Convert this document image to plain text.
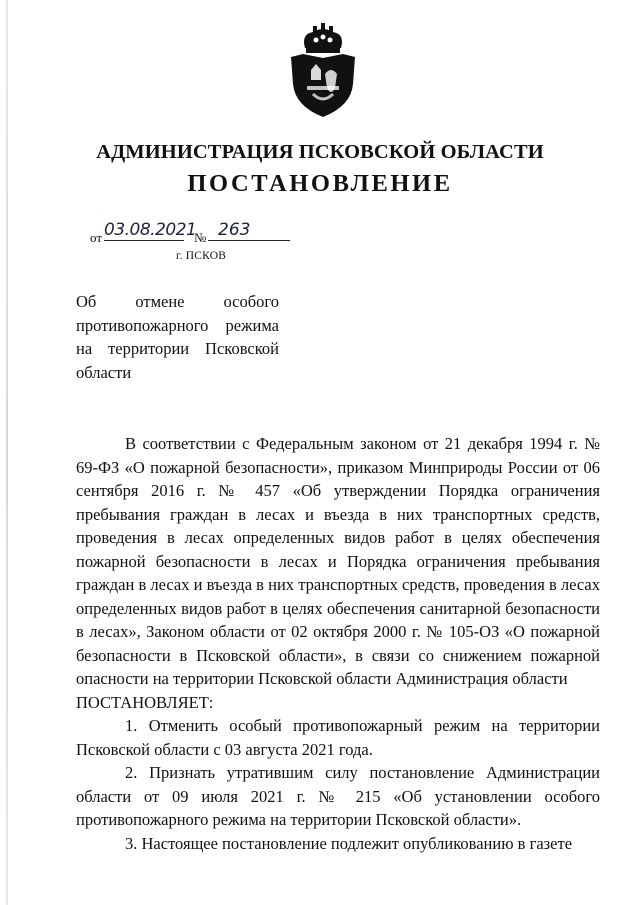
АДМИНИСТРАЦИЯ ПСКОВСКОЙ ОБЛАСТИ
ПОСТАНОВЛЕНИЕ
от 03.08.2021
№ 263
г. ПСКОВ
Об отмене особого противопожарного режима на территории Псковской области

В соответствии с Федеральным законом от 21 декабря 1994 г. № 69-ФЗ «О пожарной безопасности», приказом Минприроды России от 06 сентября 2016 г. № 457 «Об утверждении Порядка ограничения пребывания граждан в лесах и въезда в них транспортных средств, проведения в лесах определенных видов работ в целях обеспечения пожарной безопасности в лесах и Порядка ограничения пребывания граждан в лесах и въезда в них транспортных средств, проведения в лесах определенных видов работ в целях обеспечения санитарной безопасности в лесах», Законом области от 02 октября 2000 г. № 105-ОЗ «О пожарной безопасности в Псковской области», в связи со снижением пожарной опасности на территории Псковской области Администрация области

ПОСТАНОВЛЯЕТ:

1. Отменить особый противопожарный режим на территории Псковской области с 03 августа 2021 года.

2. Признать утратившим силу постановление Администрации области от 09 июля 2021 г. № 215 «Об установлении особого противопожарного режима на территории Псковской области».

3. Настоящее постановление подлежит опубликованию в газете
